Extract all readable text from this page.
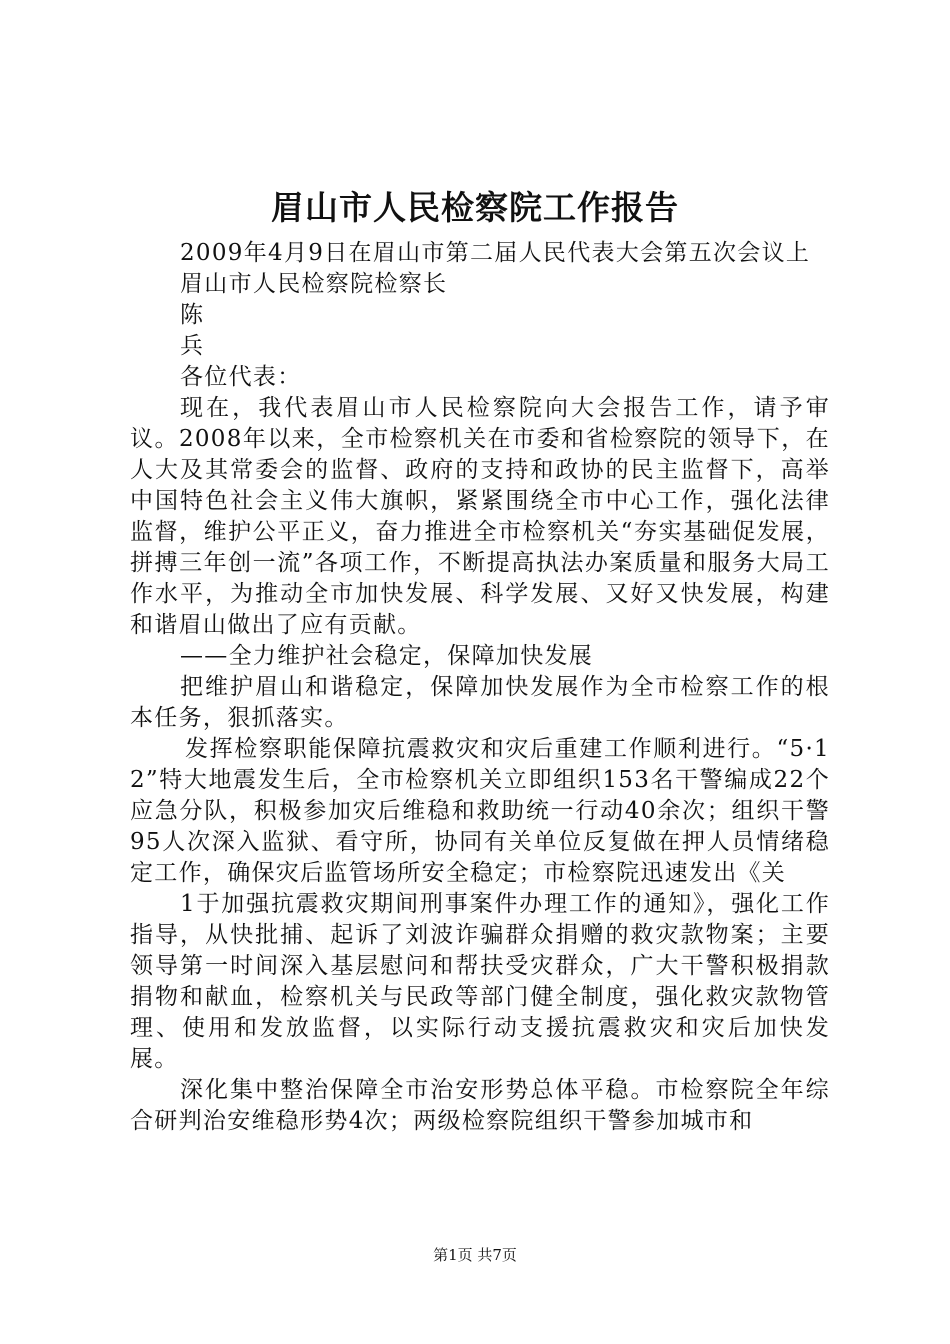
眉山市人民检察院工作报告

2009年4月9日在眉山市第二届人民代表大会第五次会议上

眉山市人民检察院检察长

陈

兵

各位代表：

现在，我代表眉山市人民检察院向大会报告工作，请予审议。2008年以来，全市检察机关在市委和省检察院的领导下，在人大及其常委会的监督、政府的支持和政协的民主监督下，高举中国特色社会主义伟大旗帜，紧紧围绕全市中心工作，强化法律监督，维护公平正义，奋力推进全市检察机关“夯实基础促发展，拼搏三年创一流”各项工作，不断提高执法办案质量和服务大局工作水平，为推动全市加快发展、科学发展、又好又快发展，构建和谐眉山做出了应有贡献。

——全力维护社会稳定，保障加快发展

把维护眉山和谐稳定，保障加快发展作为全市检察工作的根本任务，狠抓落实。

发挥检察职能保障抗震救灾和灾后重建工作顺利进行。“5·12”特大地震发生后，全市检察机关立即组织153名干警编成22个应急分队，积极参加灾后维稳和救助统一行动40余次；组织干警95人次深入监狱、看守所，协同有关单位反复做在押人员情绪稳定工作，确保灾后监管场所安全稳定；市检察院迅速发出《关

1于加强抗震救灾期间刑事案件办理工作的通知》，强化工作指导，从快批捕、起诉了刘波诈骗群众捐赠的救灾款物案；主要领导第一时间深入基层慰问和帮扶受灾群众，广大干警积极捐款捐物和献血，检察机关与民政等部门健全制度，强化救灾款物管理、使用和发放监督，以实际行动支援抗震救灾和灾后加快发展。

深化集中整治保障全市治安形势总体平稳。市检察院全年综合研判治安维稳形势4次；两级检察院组织干警参加城市和

第1页 共7页
